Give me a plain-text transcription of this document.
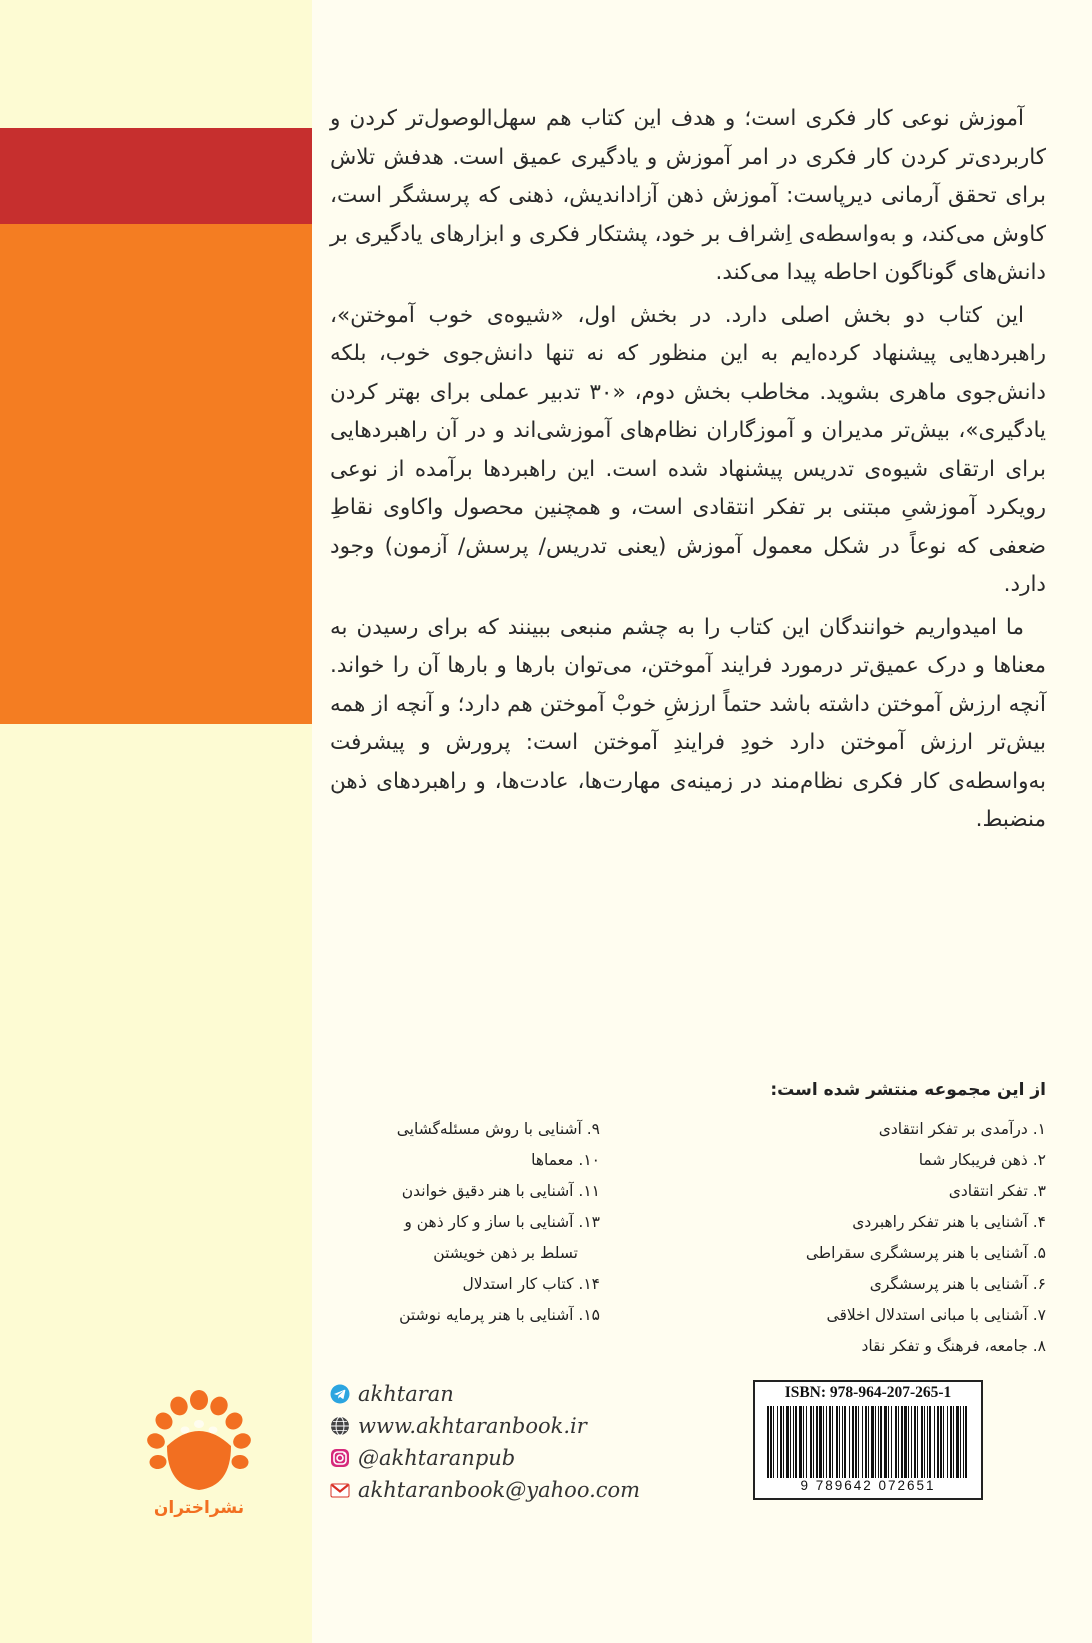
آموزش نوعی کار فکری است؛ و هدف این کتاب هم سهل‌الوصول‌تر کردن و کاربردی‌تر کردن کار فکری در امر آموزش و یادگیری عمیق است. هدفش تلاش برای تحقق آرمانی دیرپاست: آموزش ذهن آزاداندیش، ذهنی که پرسشگر است، کاوش می‌کند، و به‌واسطه‌ی اِشراف بر خود، پشتکار فکری و ابزارهای یادگیری بر دانش‌های گوناگون احاطه پیدا می‌کند.

این کتاب دو بخش اصلی دارد. در بخش اول، «شیوه‌ی خوب آموختن»، راهبردهایی پیشنهاد کرده‌ایم به این منظور که نه تنها دانش‌جوی خوب، بلکه دانش‌جوی ماهری بشوید. مخاطب بخش دوم، «۳۰ تدبیر عملی برای بهتر کردن یادگیری»، بیش‌تر مدیران و آموزگاران نظام‌های آموزشی‌اند و در آن راهبردهایی برای ارتقای شیوه‌ی تدریس پیشنهاد شده است. این راهبردها برآمده از نوعی رویکرد آموزشیِ مبتنی بر تفکر انتقادی است، و همچنین محصول واکاوی نقاطِ ضعفی که نوعاً در شکل معمول آموزش (یعنی تدریس/ پرسش/ آزمون) وجود دارد.

ما امیدواریم خوانندگان این کتاب را به چشم منبعی ببینند که برای رسیدن به معناها و درک عمیق‌تر درمورد فرایند آموختن، می‌توان بارها و بارها آن را خواند. آنچه ارزش آموختن داشته باشد حتماً ارزشِ خوبْ آموختن هم دارد؛ و آنچه از همه بیش‌تر ارزش آموختن دارد خودِ فرایندِ آموختن است: پرورش و پیشرفت به‌واسطه‌ی کار فکری نظام‌مند در زمینه‌ی مهارت‌ها، عادت‌ها، و راهبردهای ذهن منضبط.

از این مجموعه منتشر شده است:
۱. درآمدی بر تفکر انتقادی
۲. ذهن فریبکار شما
۳. تفکر انتقادی
۴. آشنایی با هنر تفکر راهبردی
۵. آشنایی با هنر پرسشگری سقراطی
۶. آشنایی با هنر پرسشگری
۷. آشنایی با مبانی استدلال اخلاقی
۸. جامعه، فرهنگ و تفکر نقاد
۹. آشنایی با روش مسئله‌گشایی
۱۰. معماها
۱۱. آشنایی با هنر دقیق خواندن
۱۳. آشنایی با ساز و کار ذهن و
تسلط بر ذهن خویشتن
۱۴. کتاب کار استدلال
۱۵. آشنایی با هنر پرمایه نوشتن
akhtaran
www.akhtaranbook.ir
@akhtaranpub
akhtaranbook@yahoo.com
نشراختران
ISBN: 978-964-207-265-1
9 789642 072651
